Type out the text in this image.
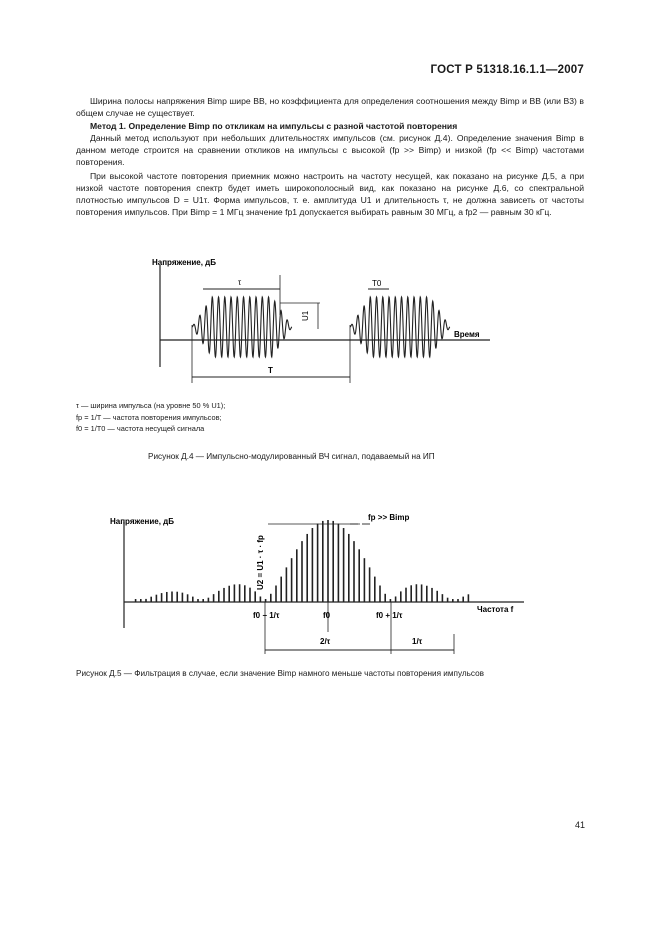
ГОСТ Р 51318.16.1.1—2007

Ширина полосы напряжения Bimp шире BB, но коэффициента для определения соотношения между Bimp и BB (или B3) в общем случае не существует.

Метод 1. Определение Bimp по откликам на импульсы с разной частотой повторения

Данный метод используют при небольших длительностях импульсов (см. рисунок Д.4). Определение значения Bimp в данном методе строится на сравнении откликов на импульсы с высокой (fp >> Bimp) и низкой (fp << Bimp) частотами повторения.

При высокой частоте повторения приемник можно настроить на частоту несущей, как показано на рисунке Д.5, а при низкой частоте повторения спектр будет иметь широкополосный вид, как показано на рисунке Д.6, со спектральной плотностью импульсов D = U1τ. Форма импульсов, т. е. амплитуда U1 и длительность τ, не должна зависеть от частоты повторения импульсов. При Bimp = 1 МГц значение fp1 допускается выбирать равным 30 МГц, а fp2 — равным 30 кГц.

Напряжение, дБ
Время
τ
U1
T
T0
τ — ширина импульса (на уровне 50 % U1);
fp = 1/T — частота повторения импульсов;
f0 = 1/T0 — частота несущей сигнала
Рисунок Д.4 — Импульсно-модулированный ВЧ сигнал, подаваемый на ИП
Напряжение, дБ
Частота f
U2 = U1 · τ · fp
fp >> Bimp
f0 − 1/τ	f0	f0 + 1/τ
2/τ	1/τ
Рисунок Д.5 — Фильтрация в случае, если значение Bimp намного меньше частоты повторения импульсов
41
